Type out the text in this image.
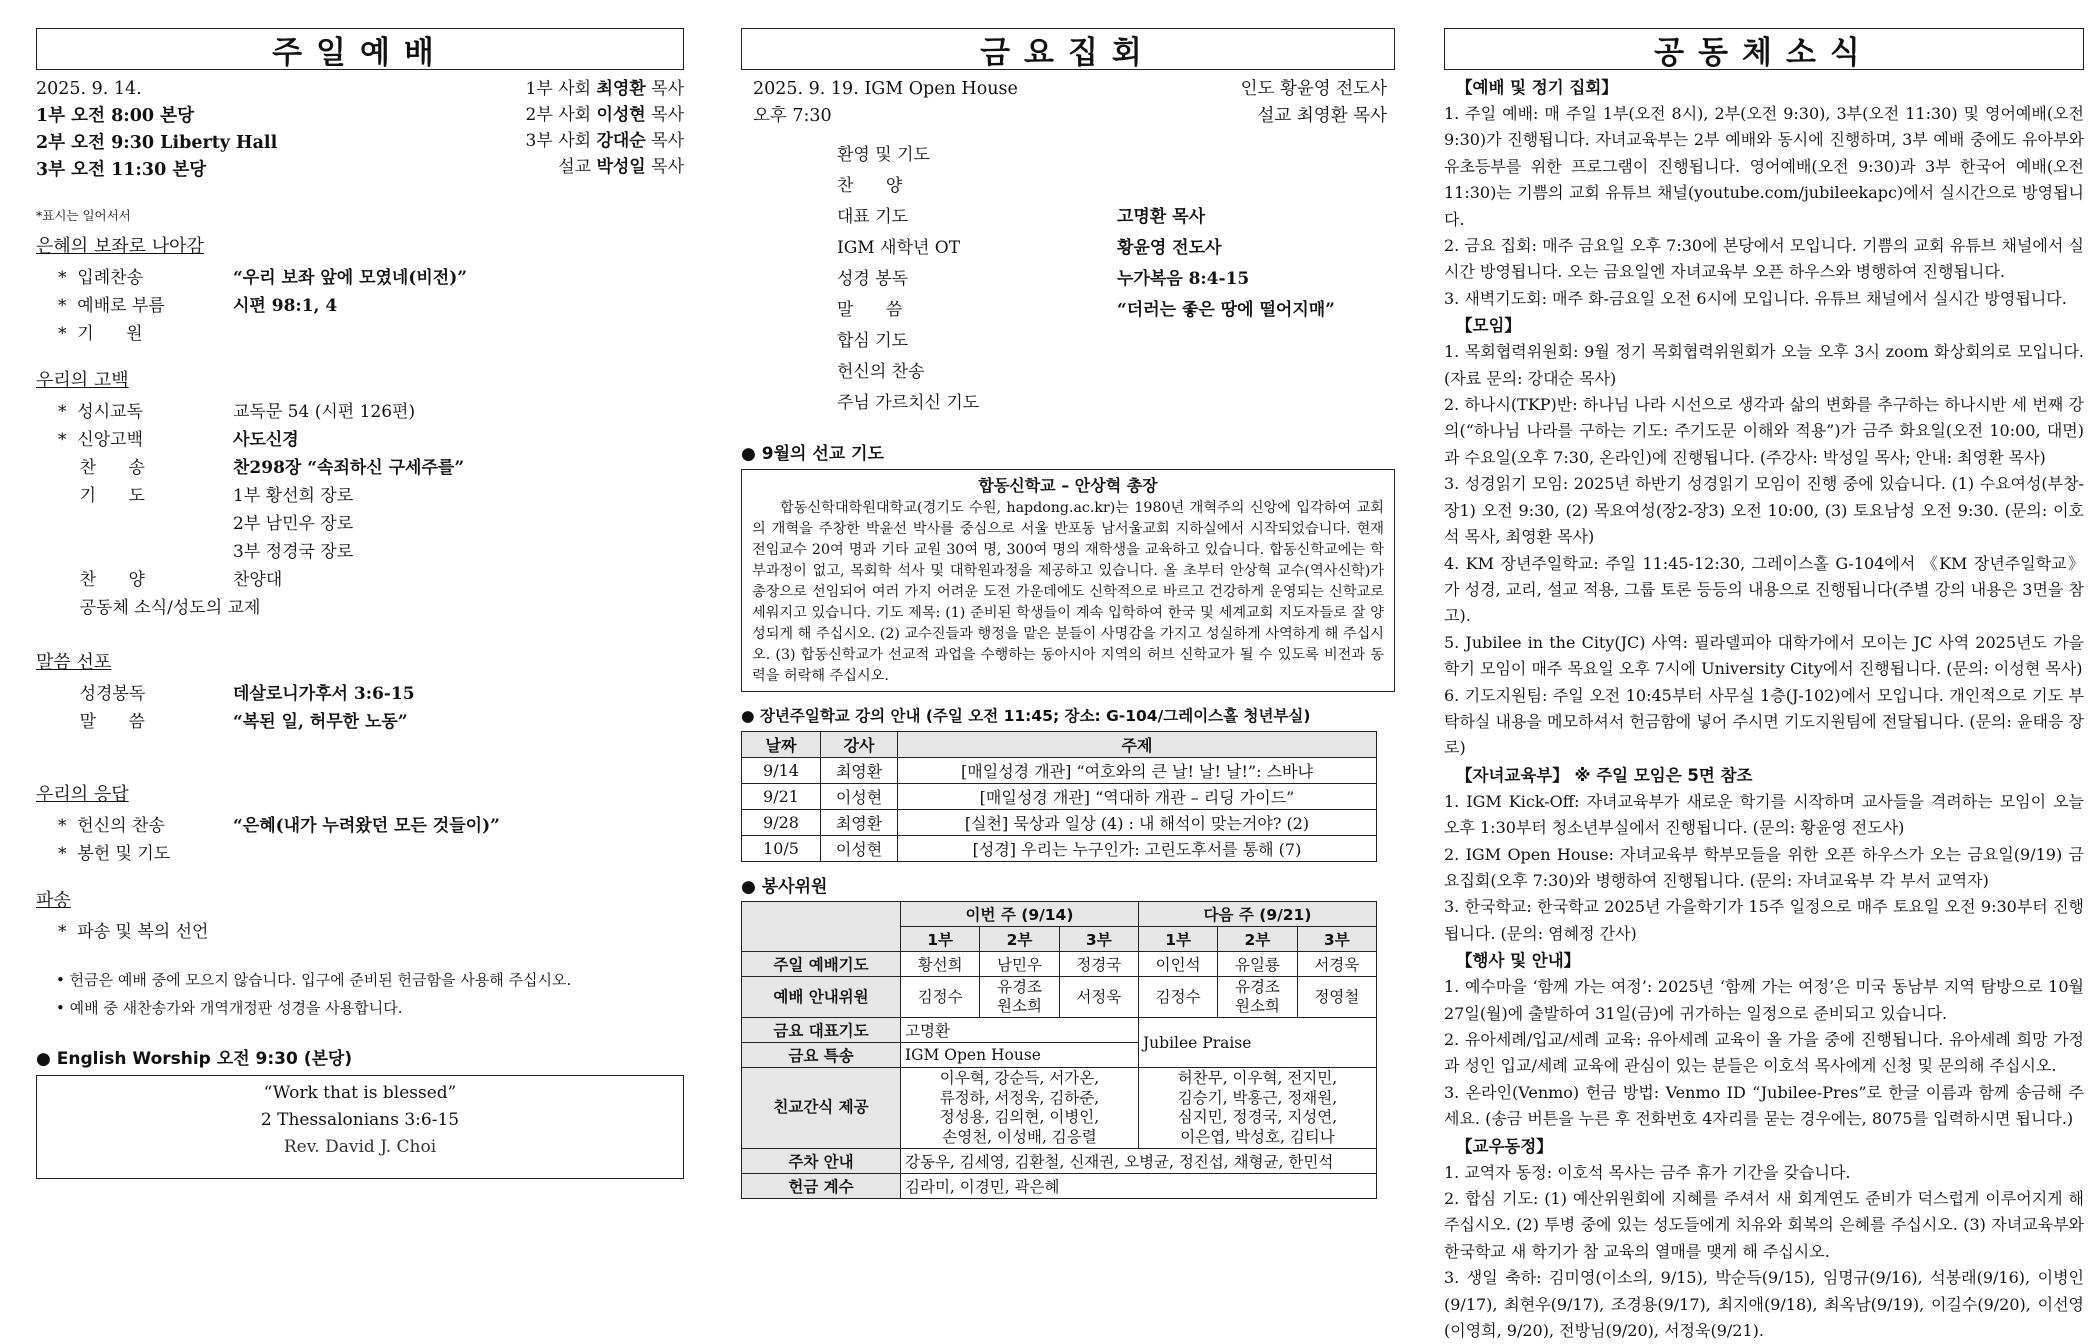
주일예배
2025. 9. 14.
1부 오전 8:00 본당
2부 오전 9:30 Liberty Hall
3부 오전 11:30 본당
1부 사회 최영환 목사
2부 사회 이성현 목사
3부 사회 강대순 목사
설교 박성일 목사
*표시는 일어서서
은혜의 보좌로 나아감
*  입례찬송	“우리 보좌 앞에 모였네(비전)”
*  예배로 부름	시편 98:1, 4
*  기      원
우리의 고백
*  성시교독	교독문 54 (시편 126편)
*  신앙고백	사도신경
찬      송	찬298장 “속죄하신 구세주를”
기      도	1부 황선희 장로
2부 남민우 장로
3부 정경국 장로
찬      양	찬양대
공동체 소식/성도의 교제
말씀 선포
성경봉독	데살로니가후서 3:6-15
말      씀	“복된 일, 허무한 노동”
우리의 응답
*  헌신의 찬송	“은혜(내가 누려왔던 모든 것들이)”
*  봉헌 및 기도
파송
*  파송 및 복의 선언
• 헌금은 예배 중에 모으지 않습니다. 입구에 준비된 헌금함을 사용해 주십시오.
• 예배 중 새찬송가와 개역개정판 성경을 사용합니다.
● English Worship 오전 9:30 (본당)
“Work that is blessed”
2 Thessalonians 3:6-15
Rev. David J. Choi
금요집회
2025. 9. 19. IGM Open House
오후 7:30
인도 황윤영 전도사
설교 최영환 목사
환영 및 기도
찬      양
대표 기도	고명환 목사
IGM 새학년 OT	황윤영 전도사
성경 봉독	누가복음 8:4-15
말      씀	“더러는 좋은 땅에 떨어지매”
합심 기도
헌신의 찬송
주님 가르치신 기도
● 9월의 선교 기도
합동신학교 – 안상혁 총장
합동신학대학원대학교(경기도 수원, hapdong.ac.kr)는 1980년 개혁주의 신앙에 입각하여 교회의 개혁을 주창한 박윤선 박사를 중심으로 서울 반포동 남서울교회 지하실에서 시작되었습니다. 현재 전임교수 20여 명과 기타 교원 30여 명, 300여 명의 재학생을 교육하고 있습니다. 합동신학교에는 학부과정이 없고, 목회학 석사 및 대학원과정을 제공하고 있습니다. 올 초부터 안상혁 교수(역사신학)가 총장으로 선임되어 여러 가지 어려운 도전 가운데에도 신학적으로 바르고 건강하게 운영되는 신학교로 세워지고 있습니다. 기도 제목: (1) 준비된 학생들이 계속 입학하여 한국 및 세계교회 지도자들로 잘 양성되게 해 주십시오. (2) 교수진들과 행정을 맡은 분들이 사명감을 가지고 성실하게 사역하게 해 주십시오. (3) 합동신학교가 선교적 과업을 수행하는 동아시아 지역의 허브 신학교가 될 수 있도록 비전과 동력을 허락해 주십시오.
● 장년주일학교 강의 안내 (주일 오전 11:45; 장소: G-104/그레이스홀 청년부실)
날짜	강사	주제
9/14	최영환	[매일성경 개관] “여호와의 큰 날! 날! 날!”: 스바냐
9/21	이성현	[매일성경 개관] “역대하 개관 – 리딩 가이드”
9/28	최영환	[실천] 묵상과 일상 (4) : 내 해석이 맞는거야? (2)
10/5	이성현	[성경] 우리는 누구인가: 고린도후서를 통해 (7)
● 봉사위원
	이번 주 (9/14)			다음 주 (9/21)		
	1부	2부	3부	1부	2부	3부
주일 예배기도	황선희	남민우	정경국	이인석	유일룡	서경욱
예배 안내위원	김정수	유경조
원소희	서정욱	김정수	유경조
원소희	정영철
금요 대표기도	고명환			Jubilee Praise		
금요 특송	IGM Open House					
친교간식 제공	이우혁, 강순득, 서가온,
류정하, 서정욱, 김하준,
정성용, 김의현, 이병인,
손영천, 이성배, 김응렬			허찬무, 이우혁, 전지민,
김승기, 박홍근, 정재원,
심지민, 정경국, 지성연,
이은엽, 박성호, 김티나		
주차 안내	강동우, 김세영, 김환철, 신재권, 오병균, 정진섭, 채형균, 한민석					
헌금 계수	김라미, 이경민, 곽은혜					
공동체소식
【예배 및 정기 집회】

1. 주일 예배: 매 주일 1부(오전 8시), 2부(오전 9:30), 3부(오전 11:30) 및 영어예배(오전 9:30)가 진행됩니다. 자녀교육부는 2부 예배와 동시에 진행하며, 3부 예배 중에도 유아부와 유초등부를 위한 프로그램이 진행됩니다. 영어예배(오전 9:30)과 3부 한국어 예배(오전 11:30)는 기쁨의 교회 유튜브 채널(youtube.com/jubileekapc)에서 실시간으로 방영됩니다.

2. 금요 집회: 매주 금요일 오후 7:30에 본당에서 모입니다. 기쁨의 교회 유튜브 채널에서 실시간 방영됩니다. 오는 금요일엔 자녀교육부 오픈 하우스와 병행하여 진행됩니다.

3. 새벽기도회: 매주 화-금요일 오전 6시에 모입니다. 유튜브 채널에서 실시간 방영됩니다.

【모임】

1. 목회협력위원회: 9월 정기 목회협력위원회가 오늘 오후 3시 zoom 화상회의로 모입니다. (자료 문의: 강대순 목사)

2. 하나시(TKP)반: 하나님 나라 시선으로 생각과 삶의 변화를 추구하는 하나시반 세 번째 강의(“하나님 나라를 구하는 기도: 주기도문 이해와 적용”)가 금주 화요일(오전 10:00, 대면)과 수요일(오후 7:30, 온라인)에 진행됩니다. (주강사: 박성일 목사; 안내: 최영환 목사)

3. 성경읽기 모임: 2025년 하반기 성경읽기 모임이 진행 중에 있습니다. (1) 수요여성(부창-장1) 오전 9:30, (2) 목요여성(장2-장3) 오전 10:00, (3) 토요남성 오전 9:30. (문의: 이호석 목사, 최영환 목사)

4. KM 장년주일학교: 주일 11:45-12:30, 그레이스홀 G-104에서 《KM 장년주일학교》가 성경, 교리, 설교 적용, 그룹 토론 등등의 내용으로 진행됩니다(주별 강의 내용은 3면을 참고).

5. Jubilee in the City(JC) 사역: 필라델피아 대학가에서 모이는 JC 사역 2025년도 가을학기 모임이 매주 목요일 오후 7시에 University City에서 진행됩니다. (문의: 이성현 목사)

6. 기도지원팀: 주일 오전 10:45부터 사무실 1층(J-102)에서 모입니다. 개인적으로 기도 부탁하실 내용을 메모하셔서 헌금함에 넣어 주시면 기도지원팀에 전달됩니다. (문의: 윤태응 장로)

【자녀교육부】 ※ 주일 모임은 5면 참조

1. IGM Kick-Off: 자녀교육부가 새로운 학기를 시작하며 교사들을 격려하는 모임이 오늘 오후 1:30부터 청소년부실에서 진행됩니다. (문의: 황윤영 전도사)

2. IGM Open House: 자녀교육부 학부모들을 위한 오픈 하우스가 오는 금요일(9/19) 금요집회(오후 7:30)와 병행하여 진행됩니다. (문의: 자녀교육부 각 부서 교역자)

3. 한국학교: 한국학교 2025년 가을학기가 15주 일정으로 매주 토요일 오전 9:30부터 진행됩니다. (문의: 염혜정 간사)

【행사 및 안내】

1. 예수마을 ‘함께 가는 여정’: 2025년 ‘함께 가는 여정’은 미국 동남부 지역 탐방으로 10월 27일(월)에 출발하여 31일(금)에 귀가하는 일정으로 준비되고 있습니다.

2. 유아세례/입교/세례 교육: 유아세례 교육이 올 가을 중에 진행됩니다. 유아세례 희망 가정과 성인 입교/세례 교육에 관심이 있는 분들은 이호석 목사에게 신청 및 문의해 주십시오.

3. 온라인(Venmo) 헌금 방법: Venmo ID “Jubilee-Pres”로 한글 이름과 함께 송금해 주세요. (송금 버튼을 누른 후 전화번호 4자리를 묻는 경우에는, 8075를 입력하시면 됩니다.)

【교우동정】

1. 교역자 동정: 이호석 목사는 금주 휴가 기간을 갖습니다.

2. 합심 기도: (1) 예산위원회에 지혜를 주셔서 새 회계연도 준비가 덕스럽게 이루어지게 해 주십시오. (2) 투병 중에 있는 성도들에게 치유와 회복의 은혜를 주십시오. (3) 자녀교육부와 한국학교 새 학기가 참 교육의 열매를 맺게 해 주십시오.

3. 생일 축하: 김미영(이소의, 9/15), 박순득(9/15), 임명규(9/16), 석봉래(9/16), 이병인(9/17), 최현우(9/17), 조경용(9/17), 최지애(9/18), 최옥남(9/19), 이길수(9/20), 이선영(이영희, 9/20), 전방님(9/20), 서정욱(9/21).
